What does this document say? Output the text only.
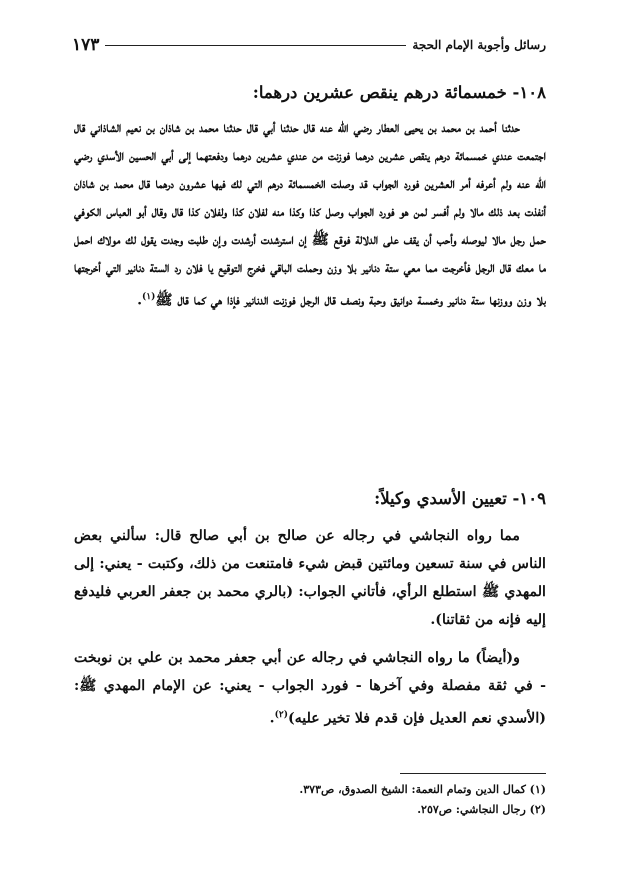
رسائل وأجوبة الإمام الحجة
١٧٣
١٠٨- خمسمائة درهم ينقص عشرين درهما:
حدثنا أحمد بن محمد بن يحيى العطار رضي الله عنه قال حدثنا أبي قال حدثنا محمد بن شاذان بن نعيم الشاذاني قال اجتمعت عندي خمسمائة درهم ينقص عشرين درهما فوزنت من عندي عشرين درهما ودفعتهما إلى أبي الحسين الأسدي رضي الله عنه ولم أعرفه أمر العشرين فورد الجواب قد وصلت الخمسمائة درهم التي لك فيها عشرون درهما قال محمد بن شاذان أنفذت بعد ذلك مالا ولم أفسر لمن هو فورد الجواب وصل كذا وكذا منه لفلان كذا ولفلان كذا قال وقال أبو العباس الكوفي حمل رجل مالا ليوصله وأحب أن يقف على الدلالة فوقع ﷺ إن استرشدت أرشدت وإن طلبت وجدت يقول لك مولاك احمل ما معك قال الرجل فأخرجت مما معي ستة دنانير بلا وزن وحملت الباقي فخرج التوقيع يا فلان رد الستة دنانير التي أخرجتها بلا وزن ووزنها ستة دنانير وخمسة دوانيق وحبة ونصف قال الرجل فوزنت الدنانير فإذا هي كما قال ﷺ$^{(١)}$.
١٠٩- تعيين الأسدي وكيلاً:
مما رواه النجاشي في رجاله عن صالح بن أبي صالح قال: سألني بعض الناس في سنة تسعين ومائتين قبض شيء فامتنعت من ذلك، وكتبت - يعني: إلى المهدي ﷺ استطلع الرأي، فأتاني الجواب: (بالري محمد بن جعفر العربي فليدفع إليه فإنه من ثقاتنا).
و(أيضاً) ما رواه النجاشي في رجاله عن أبي جعفر محمد بن علي بن نوبخت - في ثقة مفصلة وفي آخرها - فورد الجواب - يعني: عن الإمام المهدي ﷺ: (الأسدي نعم العديل فإن قدم فلا تخير عليه)$^{(٢)}$.
(١) كمال الدين وتمام النعمة: الشيخ الصدوق، ص٣٧٣.
(٢) رجال النجاشي: ص٢٥٧.
